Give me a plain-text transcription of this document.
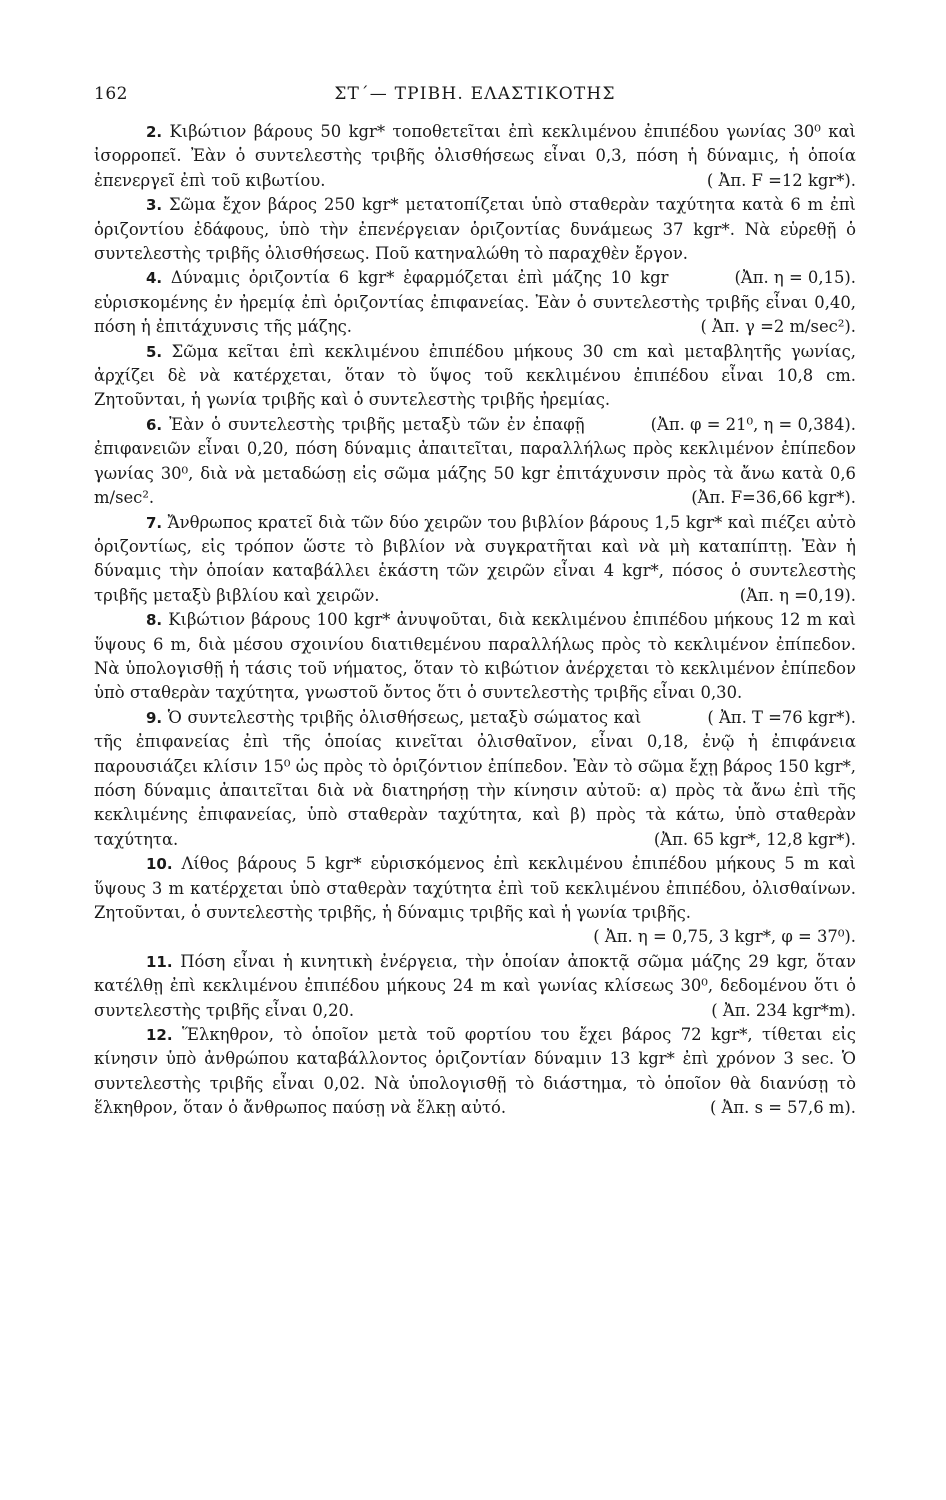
162	ΣΤ΄— ΤΡΙΒΗ. ΕΛΑΣΤΙΚΟΤΗΣ

2. Κιβώτιον βάρους 50 kgr* τοποθετεῖται ἐπὶ κεκλιμένου ἐπιπέδου γωνίας 30⁰ καὶ ἰσορροπεῖ. Ἐὰν ὁ συντελεστὴς τριβῆς ὀλισθήσεως εἶναι 0,3, πόση ἡ δύναμις, ἡ ὁποία ἐπενεργεῖ ἐπὶ τοῦ κιβωτίου.	( Ἀπ. F =12 kgr*).

3. Σῶμα ἔχον βάρος 250 kgr* μετατοπίζεται ὑπὸ σταθερὰν ταχύτητα κατὰ 6 m ἐπὶ ὁριζοντίου ἐδάφους, ὑπὸ τὴν ἐπενέργειαν ὁριζοντίας δυνάμεως 37 kgr*. Νὰ εὑρεθῇ ὁ συντελεστὴς τριβῆς ὀλισθήσεως. Ποῦ κατηναλώθη τὸ παραχθὲν ἔργον.
(Ἀπ. η = 0,15).

4. Δύναμις ὁριζοντία 6 kgr* ἐφαρμόζεται ἐπὶ μάζης 10 kgr εὑρισκομένης ἐν ἠρεμίᾳ ἐπὶ ὁριζοντίας ἐπιφανείας. Ἐὰν ὁ συντελεστὴς τριβῆς εἶναι 0,40, πόση ἡ ἐπιτάχυνσις τῆς μάζης.	( Ἀπ. γ =2 m/sec²).

5. Σῶμα κεῖται ἐπὶ κεκλιμένου ἐπιπέδου μήκους 30 cm καὶ μεταβλητῆς γωνίας, ἀρχίζει δὲ νὰ κατέρχεται, ὅταν τὸ ὕψος τοῦ κεκλιμένου ἐπιπέδου εἶναι 10,8 cm. Ζητοῦνται, ἡ γωνία τριβῆς καὶ ὁ συντελεστὴς τριβῆς ἠρεμίας.
(Ἀπ. φ = 21⁰, η = 0,384).

6. Ἐὰν ὁ συντελεστὴς τριβῆς μεταξὺ τῶν ἐν ἐπαφῇ ἐπιφανειῶν εἶναι 0,20, πόση δύναμις ἀπαιτεῖται, παραλλήλως πρὸς κεκλιμένον ἐπίπεδον γωνίας 30⁰, διὰ νὰ μεταδώσῃ εἰς σῶμα μάζης 50 kgr ἐπιτάχυνσιν πρὸς τὰ ἄνω κατὰ 0,6 m/sec².	(Ἀπ. F=36,66 kgr*).

7. Ἄνθρωπος κρατεῖ διὰ τῶν δύο χειρῶν του βιβλίον βάρους 1,5 kgr* καὶ πιέζει αὐτὸ ὁριζοντίως, εἰς τρόπον ὥστε τὸ βιβλίον νὰ συγκρατῆται καὶ νὰ μὴ καταπίπτῃ. Ἐὰν ἡ δύναμις τὴν ὁποίαν καταβάλλει ἑκάστη τῶν χειρῶν εἶναι 4 kgr*, πόσος ὁ συντελεστὴς τριβῆς μεταξὺ βιβλίου καὶ χειρῶν.	(Ἀπ. η =0,19).

8. Κιβώτιον βάρους 100 kgr* ἀνυψοῦται, διὰ κεκλιμένου ἐπιπέδου μήκους 12 m καὶ ὕψους 6 m, διὰ μέσου σχοινίου διατιθεμένου παραλλήλως πρὸς τὸ κεκλιμένον ἐπίπεδον. Νὰ ὑπολογισθῇ ἡ τάσις τοῦ νήματος, ὅταν τὸ κιβώτιον ἀνέρχεται τὸ κεκλιμένον ἐπίπεδον ὑπὸ σταθερὰν ταχύτητα, γνωστοῦ ὄντος ὅτι ὁ συντελεστὴς τριβῆς εἶναι 0,30.
( Ἀπ. T =76 kgr*).

9. Ὁ συντελεστὴς τριβῆς ὀλισθήσεως, μεταξὺ σώματος καὶ τῆς ἐπιφανείας ἐπὶ τῆς ὁποίας κινεῖται ὀλισθαῖνον, εἶναι 0,18, ἐνῷ ἡ ἐπιφάνεια παρουσιάζει κλίσιν 15⁰ ὡς πρὸς τὸ ὁριζόντιον ἐπίπεδον. Ἐὰν τὸ σῶμα ἔχῃ βάρος 150 kgr*, πόση δύναμις ἀπαιτεῖται διὰ νὰ διατηρήσῃ τὴν κίνησιν αὐτοῦ: α) πρὸς τὰ ἄνω ἐπὶ τῆς κεκλιμένης ἐπιφανείας, ὑπὸ σταθερὰν ταχύτητα, καὶ β) πρὸς τὰ κάτω, ὑπὸ σταθερὰν ταχύτητα.	(Ἀπ. 65 kgr*, 12,8 kgr*).

10. Λίθος βάρους 5 kgr* εὑρισκόμενος ἐπὶ κεκλιμένου ἐπιπέδου μήκους 5 m καὶ ὕψους 3 m κατέρχεται ὑπὸ σταθερὰν ταχύτητα ἐπὶ τοῦ κεκλιμένου ἐπιπέδου, ὀλισθαίνων. Ζητοῦνται, ὁ συντελεστὴς τριβῆς, ἡ δύναμις τριβῆς καὶ ἡ γωνία τριβῆς.
( Ἀπ. η = 0,75, 3 kgr*, φ = 37⁰).

11. Πόση εἶναι ἡ κινητικὴ ἐνέργεια, τὴν ὁποίαν ἀποκτᾷ σῶμα μάζης 29 kgr, ὅταν κατέλθῃ ἐπὶ κεκλιμένου ἐπιπέδου μήκους 24 m καὶ γωνίας κλίσεως 30⁰, δεδομένου ὅτι ὁ συντελεστὴς τριβῆς εἶναι 0,20.	( Ἀπ. 234 kgr*m).

12. Ἕλκηθρον, τὸ ὁποῖον μετὰ τοῦ φορτίου του ἔχει βάρος 72 kgr*, τίθεται εἰς κίνησιν ὑπὸ ἀνθρώπου καταβάλλοντος ὁριζοντίαν δύναμιν 13 kgr* ἐπὶ χρόνον 3 sec. Ὁ συντελεστὴς τριβῆς εἶναι 0,02. Νὰ ὑπολογισθῇ τὸ διάστημα, τὸ ὁποῖον θὰ διανύσῃ τὸ ἕλκηθρον, ὅταν ὁ ἄνθρωπος παύσῃ νὰ ἕλκῃ αὐτό.	( Ἀπ. s = 57,6 m).
